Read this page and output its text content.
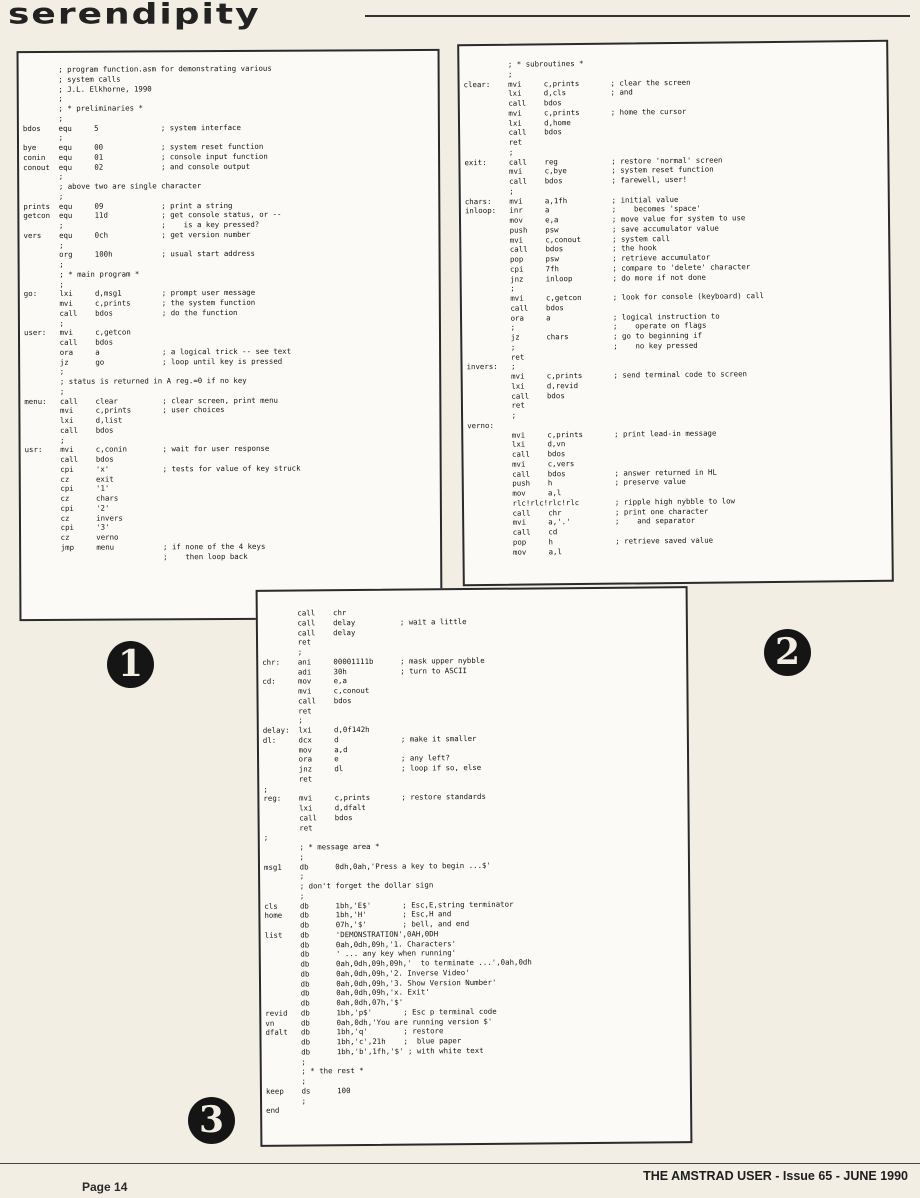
serendipity
; program function.asm for demonstrating various
; system calls
; J.L. Elkhorne, 1990
;
; * preliminaries *
;
bdos    equ     5              ; system interface
;
bye     equ     00             ; system reset function
conin   equ     01             ; console input function
conout  equ     02             ; and console output
;
; above two are single character
;
prints  equ     09             ; print a string
getcon  equ     11d            ; get console status, or --
;                      ;    is a key pressed?
vers    equ     0ch            ; get version number
;
org     100h           ; usual start address
;
; * main program *
;
go:     lxi     d,msg1         ; prompt user message
mvi     c,prints       ; the system function
call    bdos           ; do the function
;
user:   mvi     c,getcon
call    bdos
ora     a              ; a logical trick -- see text
jz      go             ; loop until key is pressed
;
; status is returned in A reg.=0 if no key
;
menu:   call    clear          ; clear screen, print menu
mvi     c,prints       ; user choices
lxi     d,list
call    bdos
;
usr:    mvi     c,conin        ; wait for user response
call    bdos
cpi     'x'            ; tests for value of key struck
cz      exit
cpi     '1'
cz      chars
cpi     '2'
cz      invers
cpi     '3'
cz      verno
jmp     menu           ; if none of the 4 keys
;    then loop back
; * subroutines *
;
clear:    mvi     c,prints       ; clear the screen
lxi     d,cls          ; and
call    bdos
mvi     c,prints       ; home the cursor
lxi     d,home
call    bdos
ret
;
exit:     call    reg            ; restore 'normal' screen
mvi     c,bye          ; system reset function
call    bdos           ; farewell, user!
;
chars:    mvi     a,1fh          ; initial value
inloop:   inr     a              ;    becomes 'space'
mov     e,a            ; move value for system to use
push    psw            ; save accumulator value
mvi     c,conout       ; system call
call    bdos           ; the hook
pop     psw            ; retrieve accumulator
cpi     7fh            ; compare to 'delete' character
jnz     inloop         ; do more if not done
;
mvi     c,getcon       ; look for console (keyboard) call
call    bdos
ora     a              ; logical instruction to
;                      ;    operate on flags
jz      chars          ; go to beginning if
;                      ;    no key pressed
ret
invers:   ;
mvi     c,prints       ; send terminal code to screen
lxi     d,revid
call    bdos
ret
;
verno:
mvi     c,prints       ; print lead-in message
lxi     d,vn
call    bdos
mvi     c,vers
call    bdos           ; answer returned in HL
push    h              ; preserve value
mov     a,l
rlc!rlc!rlc!rlc        ; ripple high nybble to low
call    chr            ; print one character
mvi     a,'.'          ;    and separator
call    cd
pop     h              ; retrieve saved value
mov     a,l
call    chr
call    delay          ; wait a little
call    delay
ret
;
chr:    ani     00001111b      ; mask upper nybble
adi     30h            ; turn to ASCII
cd:     mov     e,a
mvi     c,conout
call    bdos
ret
;
delay:  lxi     d,0f142h
dl:     dcx     d              ; make it smaller
mov     a,d
ora     e              ; any left?
jnz     dl             ; loop if so, else
ret
;
reg:    mvi     c,prints       ; restore standards
lxi     d,dfalt
call    bdos
ret
;
; * message area *
;
msg1    db      0dh,0ah,'Press a key to begin ...$'
;
; don't forget the dollar sign
;
cls     db      1bh,'E$'       ; Esc,E,string terminator
home    db      1bh,'H'        ; Esc,H and
db      07h,'$'        ; bell, and end
list    db      'DEMONSTRATION',0AH,0DH
db      0ah,0dh,09h,'1. Characters'
db      ' ... any key when running'
db      0ah,0dh,09h,09h,'  to terminate ...',0ah,0dh
db      0ah,0dh,09h,'2. Inverse Video'
db      0ah,0dh,09h,'3. Show Version Number'
db      0ah,0dh,09h,'x. Exit'
db      0ah,0dh,07h,'$'
revid   db      1bh,'p$'       ; Esc p terminal code
vn      db      0ah,0dh,'You are running version $'
dfalt   db      1bh,'q'        ; restore
db      1bh,'c',21h    ;  blue paper
db      1bh,'b',1fh,'$' ; with white text
;
; * the rest *
;
keep    ds      100
;
end
1	2
3
Page 14
THE AMSTRAD USER - Issue 65 - JUNE 1990
